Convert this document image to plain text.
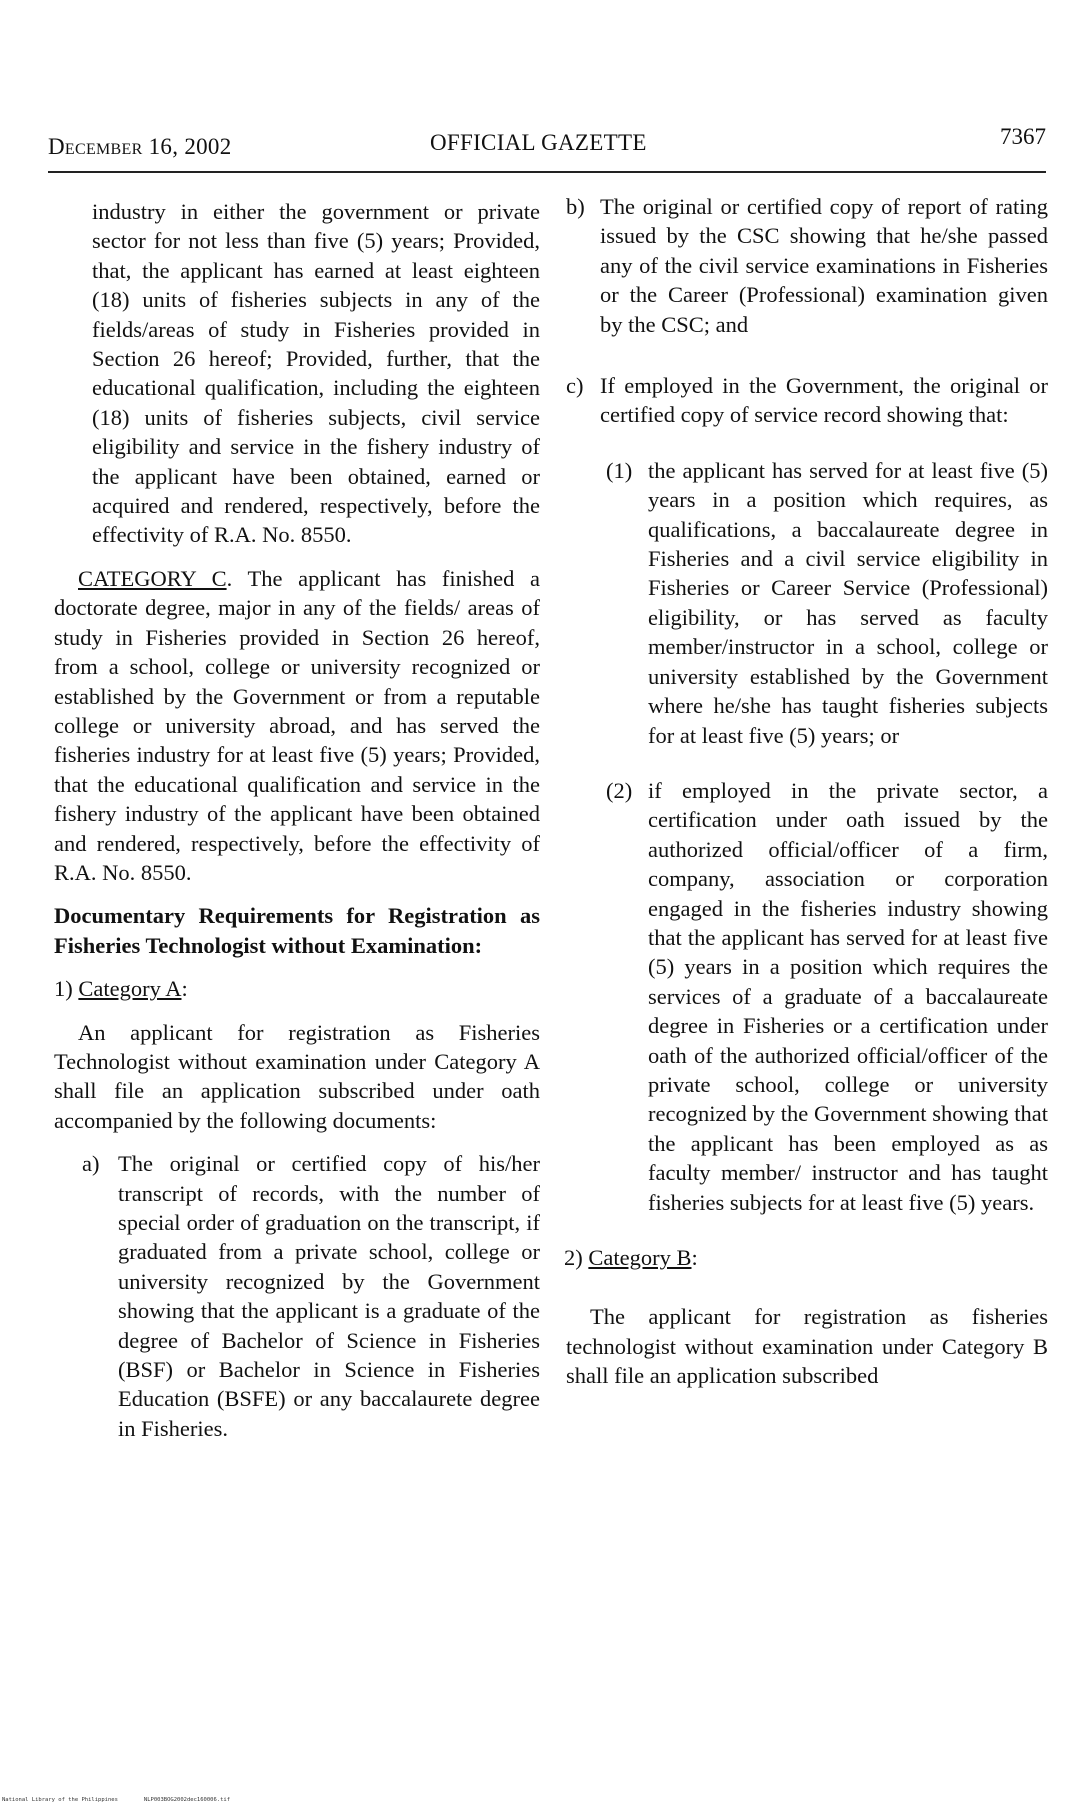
December 16, 2002	OFFICIAL GAZETTE	7367

industry in either the government or private sector for not less than five (5) years; Provided, that, the applicant has earned at least eighteen (18) units of fisheries subjects in any of the fields/areas of study in Fisheries provided in Section 26 hereof; Provided, further, that the educational qualification, including the eighteen (18) units of fisheries subjects, civil service eligibility and service in the fishery industry of the applicant have been obtained, earned or acquired and rendered, respectively, before the effectivity of R.A. No. 8550.

CATEGORY C. The applicant has finished a doctorate degree, major in any of the fields/ areas of study in Fisheries provided in Section 26 hereof, from a school, college or university recognized or established by the Government or from a reputable college or university abroad, and has served the fisheries industry for at least five (5) years; Provided, that the educational qualification and service in the fishery industry of the applicant have been obtained and rendered, respectively, before the effectivity of R.A. No. 8550.

Documentary Requirements for Registration as Fisheries Technologist without Examination:

1) Category A:

An applicant for registration as Fisheries Technologist without examination under Category A shall file an application subscribed under oath accompanied by the following documents:

a) The original or certified copy of his/her transcript of records, with the number of special order of graduation on the transcript, if graduated from a private school, college or university recognized by the Government showing that the applicant is a graduate of the degree of Bachelor of Science in Fisheries (BSF) or Bachelor in Science in Fisheries Education (BSFE) or any baccalaurete degree in Fisheries.
b) The original or certified copy of report of rating issued by the CSC showing that he/she passed any of the civil service examinations in Fisheries or the Career (Professional) examination given by the CSC; and
c) If employed in the Government, the original or certified copy of service record showing that:
(1) the applicant has served for at least five (5) years in a position which requires, as qualifications, a baccalaureate degree in Fisheries and a civil service eligibility in Fisheries or Career Service (Professional) eligibility, or has served as faculty member/instructor in a school, college or university established by the Government where he/she has taught fisheries subjects for at least five (5) years; or
(2) if employed in the private sector, a certification under oath issued by the authorized official/officer of a firm, company, association or corporation engaged in the fisheries industry showing that the applicant has served for at least five (5) years in a position which requires the services of a graduate of a baccalaureate degree in Fisheries or a certification under oath of the authorized official/officer of the private school, college or university recognized by the Government showing that the applicant has been employed as as faculty member/ instructor and has taught fisheries subjects for at least five (5) years.

2) Category B:

The applicant for registration as fisheries technologist without examination under Category B shall file an application subscribed

National Library of the Philippines	NLP003BOG2002dec160006.tif
